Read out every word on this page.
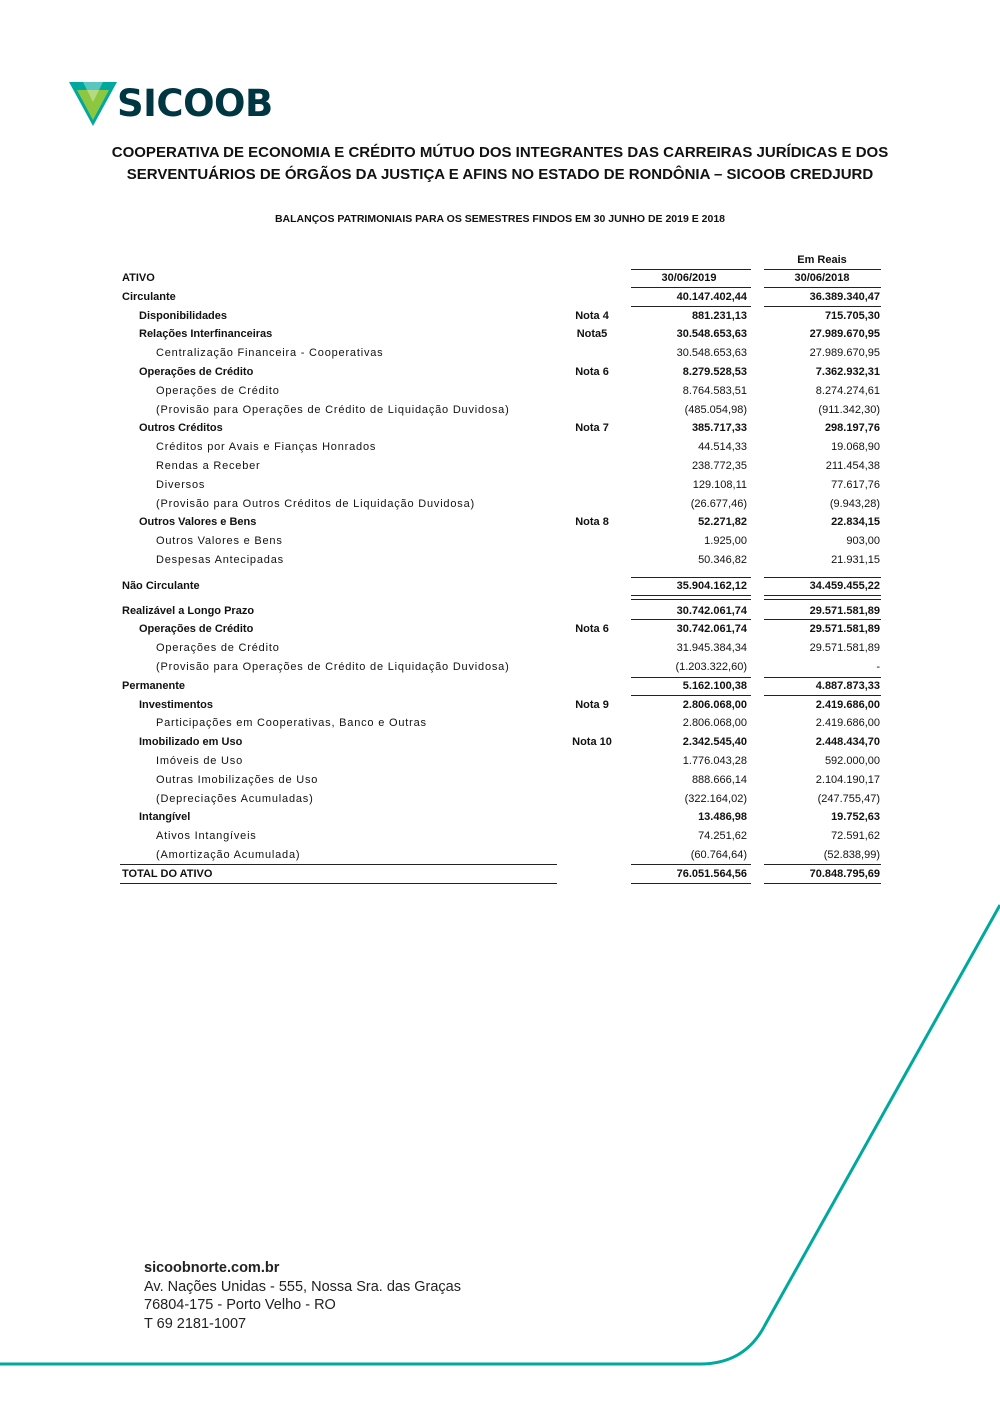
SICOOB
COOPERATIVA DE ECONOMIA E CRÉDITO MÚTUO DOS INTEGRANTES DAS CARREIRAS JURÍDICAS E DOS
SERVENTUÁRIOS DE ÓRGÃOS DA JUSTIÇA E AFINS NO ESTADO DE RONDÔNIA – SICOOB CREDJURD
BALANÇOS PATRIMONIAIS PARA OS SEMESTRES FINDOS EM 30 JUNHO DE 2019 E 2018
Em Reais
ATIVO	30/06/2019	30/06/2018
Circulante	40.147.402,44	36.389.340,47
Disponibilidades	Nota 4	881.231,13	715.705,30
Relações Interfinanceiras	Nota5	30.548.653,63	27.989.670,95
Centralização Financeira - Cooperativas	30.548.653,63	27.989.670,95
Operações de Crédito	Nota 6	8.279.528,53	7.362.932,31
Operações de Crédito	8.764.583,51	8.274.274,61
(Provisão para Operações de Crédito de Liquidação Duvidosa)	(485.054,98)	(911.342,30)
Outros Créditos	Nota 7	385.717,33	298.197,76
Créditos por Avais e Fianças Honrados	44.514,33	19.068,90
Rendas a Receber	238.772,35	211.454,38
Diversos	129.108,11	77.617,76
(Provisão para Outros Créditos de Liquidação Duvidosa)	(26.677,46)	(9.943,28)
Outros Valores e Bens	Nota 8	52.271,82	22.834,15
Outros Valores e Bens	1.925,00	903,00
Despesas Antecipadas	50.346,82	21.931,15
Não Circulante	35.904.162,12	34.459.455,22
Realizável a Longo Prazo	30.742.061,74	29.571.581,89
Operações de Crédito	Nota 6	30.742.061,74	29.571.581,89
Operações de Crédito	31.945.384,34	29.571.581,89
(Provisão para Operações de Crédito de Liquidação Duvidosa)	(1.203.322,60)	-
Permanente	5.162.100,38	4.887.873,33
Investimentos	Nota 9	2.806.068,00	2.419.686,00
Participações em Cooperativas, Banco e Outras	2.806.068,00	2.419.686,00
Imobilizado em Uso	Nota 10	2.342.545,40	2.448.434,70
Imóveis de Uso	1.776.043,28	592.000,00
Outras Imobilizações de Uso	888.666,14	2.104.190,17
(Depreciações Acumuladas)	(322.164,02)	(247.755,47)
Intangível	13.486,98	19.752,63
Ativos Intangíveis	74.251,62	72.591,62
(Amortização Acumulada)	(60.764,64)	(52.838,99)
TOTAL DO ATIVO	76.051.564,56	70.848.795,69
sicoobnorte.com.br
Av. Nações Unidas - 555, Nossa Sra. das Graças
76804-175 - Porto Velho - RO
T 69 2181-1007
